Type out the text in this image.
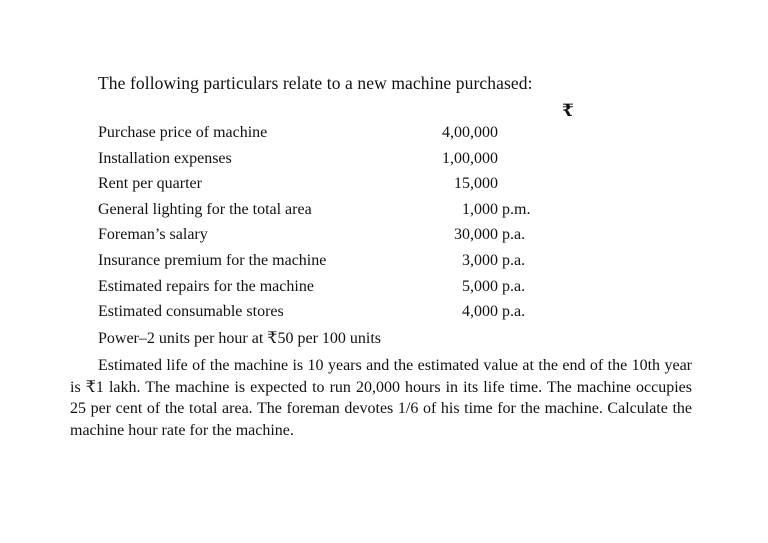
The following particulars relate to a new machine purchased:

₹
Purchase price of machine	4,00,000
Installation expenses	1,00,000
Rent per quarter	15,000
General lighting for the total area	1,000 p.m.
Foreman’s salary	30,000 p.a.
Insurance premium for the machine	3,000 p.a.
Estimated repairs for the machine	5,000 p.a.
Estimated consumable stores	4,000 p.a.
Power–2 units per hour at ₹50 per 100 units

Estimated life of the machine is 10 years and the estimated value at the end of the 10th year is ₹1 lakh. The machine is expected to run 20,000 hours in its life time. The machine occupies 25 per cent of the total area. The foreman devotes 1/6 of his time for the machine. Calculate the machine hour rate for the machine.
